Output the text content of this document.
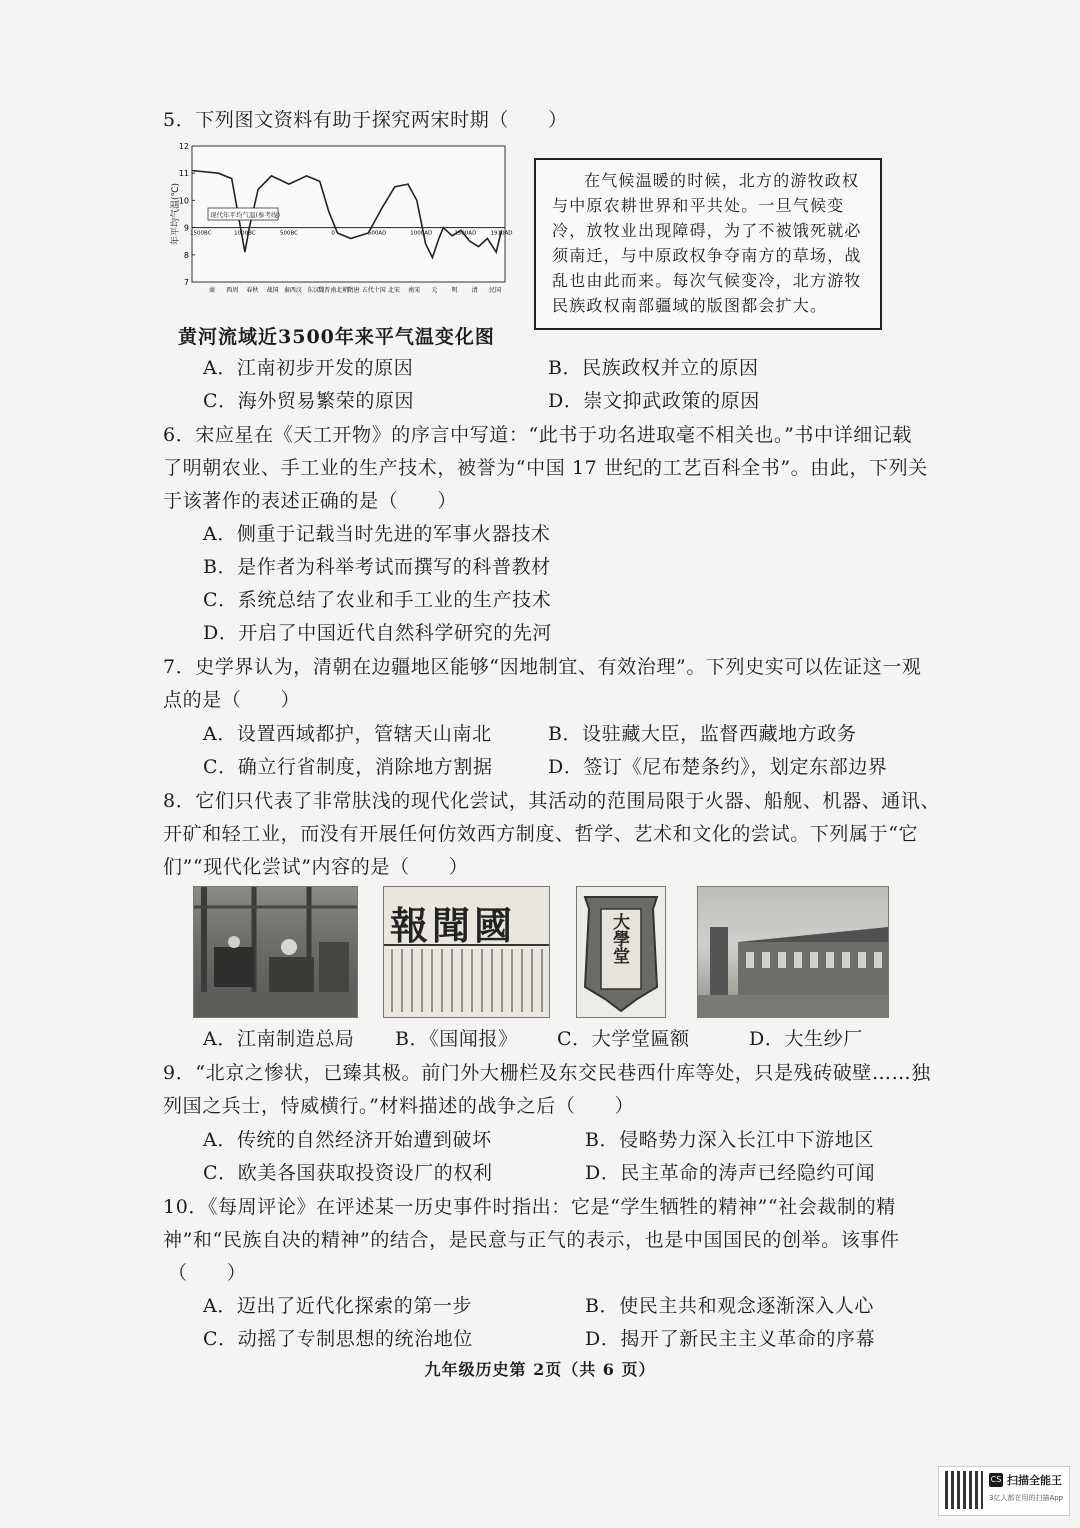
5．下列图文资料有助于探究两宋时期（　　）
12
11
10
9
8
7
1500BC	1000BC	500BC	0	500AD	1000AD	1500AD	1910AD
商 西周 春秋 战国 秦西汉 东汉 魏晋南北朝 隋唐 五代十国 北宋 南宋 元 明 清 民国
年平均气温(℃)	现代年平均气温(参考线)
黄河流域近3500年来平气温变化图
在气候温暖的时候，北方的游牧政权与中原农耕世界和平共处。一旦气候变冷，放牧业出现障碍，为了不被饿死就必须南迁，与中原政权争夺南方的草场，战乱也由此而来。每次气候变冷，北方游牧民族政权南部疆域的版图都会扩大。
A．江南初步开发的原因	B．民族政权并立的原因
C．海外贸易繁荣的原因	D．崇文抑武政策的原因
6．宋应星在《天工开物》的序言中写道：“此书于功名进取毫不相关也。”书中详细记载
了明朝农业、手工业的生产技术，被誉为“中国 17 世纪的工艺百科全书”。由此，下列关
于该著作的表述正确的是（　　）
A．侧重于记载当时先进的军事火器技术
B．是作者为科举考试而撰写的科普教材
C．系统总结了农业和手工业的生产技术
D．开启了中国近代自然科学研究的先河
7．史学界认为，清朝在边疆地区能够“因地制宜、有效治理”。下列史实可以佐证这一观
点的是（　　）
A．设置西域都护，管辖天山南北	B．设驻藏大臣，监督西藏地方政务
C．确立行省制度，消除地方割据	D．签订《尼布楚条约》，划定东部边界
8．它们只代表了非常肤浅的现代化尝试，其活动的范围局限于火器、船舰、机器、通讯、
开矿和轻工业，而没有开展任何仿效西方制度、哲学、艺术和文化的尝试。下列属于“它
们”“现代化尝试”内容的是（　　）
報聞國	大學堂
A．江南制造总局 B．《国闻报》 C．大学堂匾额	D．大生纱厂
9．“北京之惨状，已臻其极。前门外大栅栏及东交民巷西什库等处，只是残砖破壁……独
列国之兵士，恃威横行。”材料描述的战争之后（　　）
A．传统的自然经济开始遭到破坏	B．侵略势力深入长江中下游地区
C．欧美各国获取投资设厂的权利	D．民主革命的涛声已经隐约可闻
10．《每周评论》在评述某一历史事件时指出：它是“学生牺牲的精神”“社会裁制的精
神”和“民族自决的精神”的结合，是民意与正气的表示，也是中国国民的创举。该事件
（　　）
A．迈出了近代化探索的第一步	B．使民主共和观念逐渐深入人心
C．动摇了专制思想的统治地位	D．揭开了新民主主义革命的序幕
九年级历史第 2页（共 6 页）
CS 扫描全能王
3亿人都在用的扫描App
